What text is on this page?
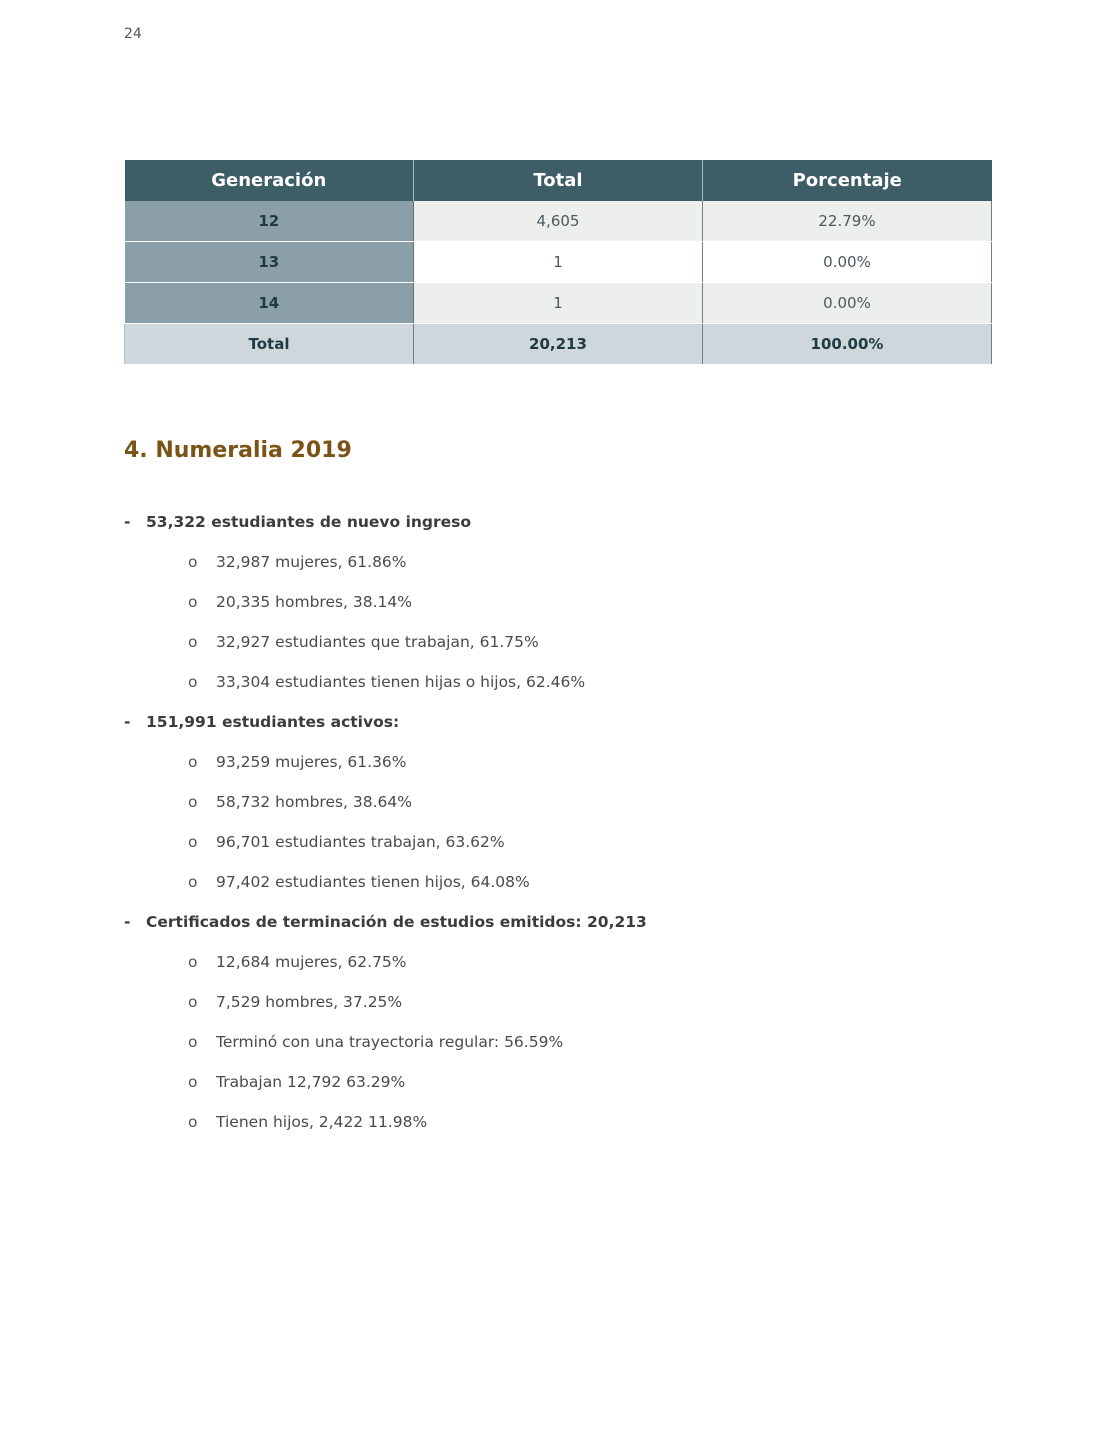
24
Generación	Total	Porcentaje
12	4,605	22.79%
13	1	0.00%
14	1	0.00%
Total	20,213	100.00%
4. Numeralia 2019
-	53,322 estudiantes de nuevo ingreso
o	32,987 mujeres, 61.86%
o	20,335 hombres, 38.14%
o	32,927 estudiantes que trabajan, 61.75%
o	33,304 estudiantes tienen hijas o hijos, 62.46%
-	151,991 estudiantes activos:
o	93,259 mujeres, 61.36%
o	58,732 hombres, 38.64%
o	96,701 estudiantes trabajan, 63.62%
o	97,402 estudiantes tienen hijos, 64.08%
-	Certificados de terminación de estudios emitidos: 20,213
o	12,684 mujeres, 62.75%
o	7,529 hombres, 37.25%
o	Terminó con una trayectoria regular: 56.59%
o	Trabajan 12,792 63.29%
o	Tienen hijos, 2,422 11.98%
